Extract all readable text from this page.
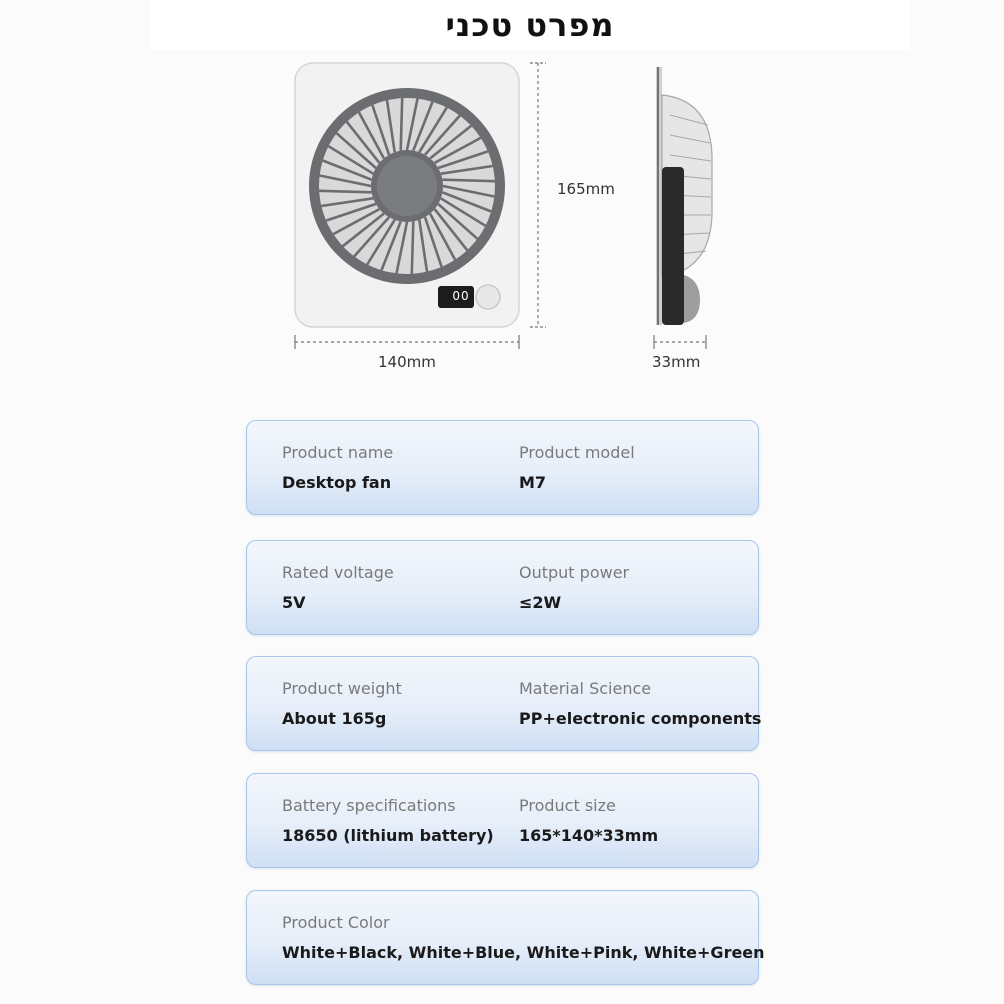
מפרט טכני
00
165mm
140mm	33mm
Product name
Desktop fan
Product model
M7
Rated voltage
5V
Output power
≤2W
Product weight
About 165g
Material Science
PP+electronic components
Battery specifications
18650 (lithium battery)
Product size
165*140*33mm
Product Color
White+Black, White+Blue, White+Pink, White+Green
